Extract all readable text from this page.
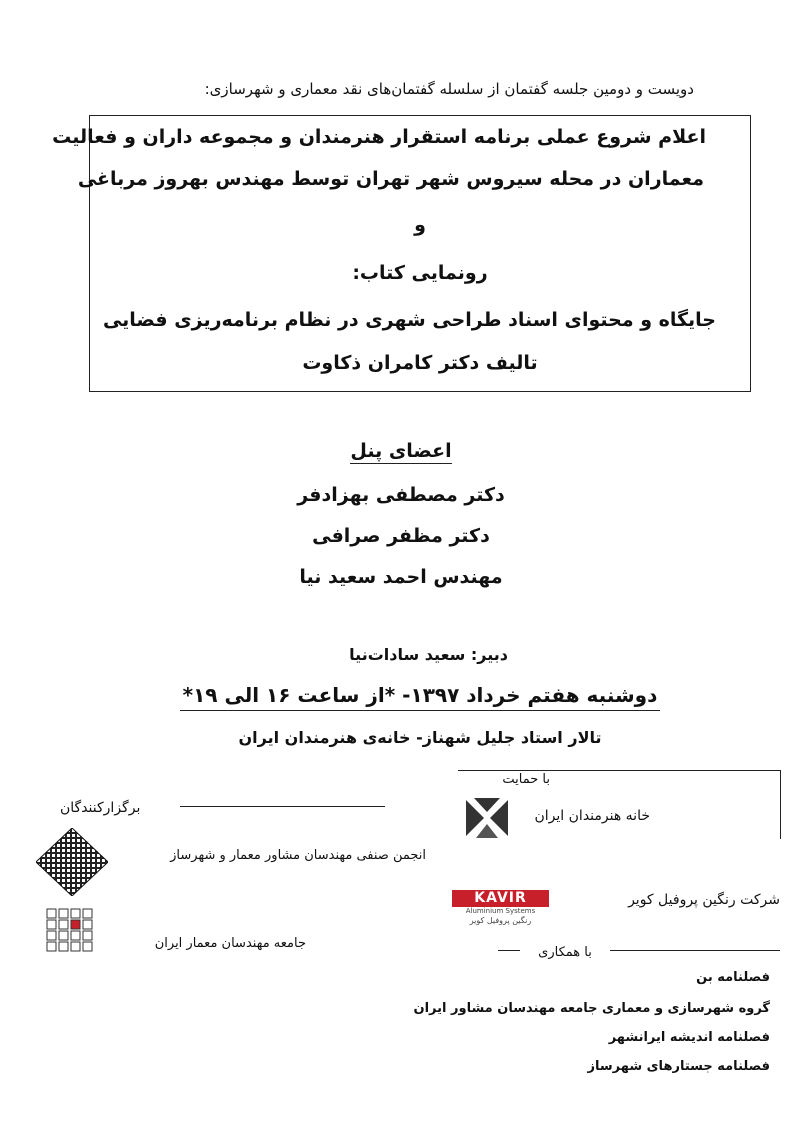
دویست و دومین جلسه گفتمان از سلسله گفتمان‌های نقد معماری و شهرسازی:
اعلام شروع عملی برنامه استقرار هنرمندان و مجموعه داران و فعالیت
معماران در محله سیروس شهر تهران توسط مهندس بهروز مرباغی
و
رونمایی کتاب:
جایگاه و محتوای اسناد طراحی شهری در نظام برنامه‌ریزی فضایی
تالیف دکتر کامران ذکاوت
اعضای پنل
دکتر مصطفی بهزادفر
دکتر مظفر صرافی
مهندس احمد سعید نیا
دبیر: سعید سادات‌نیا
دوشنبه هفتم خرداد ۱۳۹۷- *از ساعت ۱۶ الی ۱۹*
تالار استاد جلیل شهناز- خانه‌ی هنرمندان ایران
با حمایت
خانه هنرمندان ایران
برگزارکنندگان
انجمن صنفی مهندسان مشاور معمار و شهرساز
جامعه مهندسان معمار ایران
KAVIR
Aluminium Systems
رنگین پروفیل کویر
شرکت رنگین پروفیل کویر
با همکاری
فصلنامه بن
گروه شهرسازی و معماری جامعه مهندسان مشاور ایران
فصلنامه اندیشه ایرانشهر
فصلنامه جستارهای شهرساز
